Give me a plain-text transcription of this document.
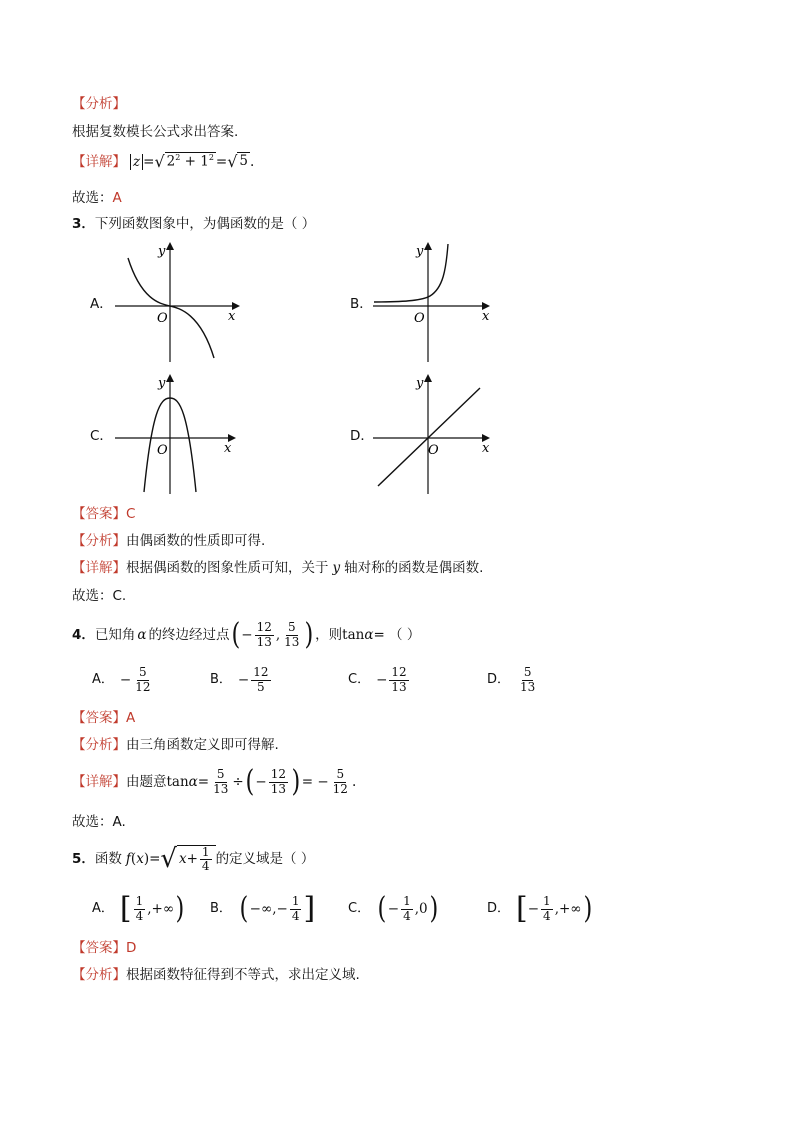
【分析】
根据复数模长公式求出答案.
【详解】 z = √ $2^2 + 1^2$ = √ 5 .
故选：A
3．下列函数图象中，为偶函数的是（ ）
A．
y
x
O
B．
y
x
O
C．
y
x
O
D．
y
x
O
【答案】C
【分析】由偶函数的性质即可得.
【详解】根据偶函数的图象性质可知，关于 y 轴对称的函数是偶函数.
故选：C.
4． 已知角 α 的终边经过点 ( − $\frac{12}{13}$ , $\frac{5}{13}$ ) ，则 tan α = （ ）
A． − $\frac{5}{12}$	B． − $\frac{12}{5}$	C． − $\frac{12}{13}$	D． $\frac{5}{13}$
【答案】A
【分析】由三角函数定义即可得解.
【详解】 由题意 $\tan \alpha = \frac{5}{13}$ ÷ ( − $\frac{12}{13}$ ) = − $\frac{5}{12}$ .
故选：A.
5． 函数 f ( x ) = √ $x + \frac{1}{4}$ 的定义域是（ ）
A． [ $\frac{1}{4}$ ,+∞ ) B． ( −∞,− $\frac{1}{4}$ ]	C． ( − $\frac{1}{4} ,0$ )	D． [ − $\frac{1}{4}$ ,+∞ )
【答案】D
【分析】根据函数特征得到不等式，求出定义域.
